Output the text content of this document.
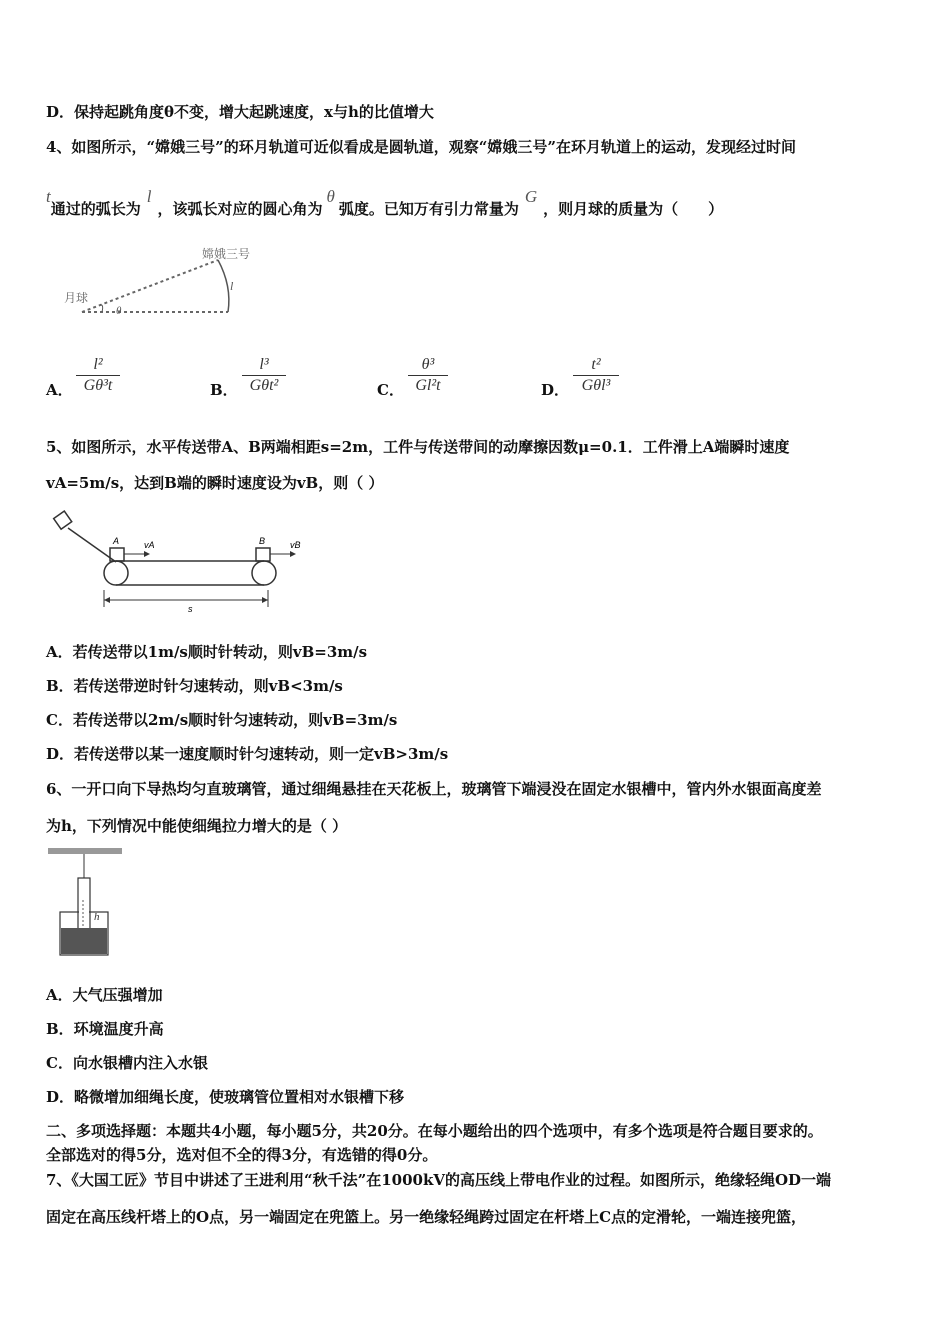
D．保持起跳角度θ不变，增大起跳速度，x与h的比值增大
4、如图所示，“嫦娥三号”的环月轨道可近似看成是圆轨道，观察“嫦娥三号”在环月轨道上的运动，发现经过时间
t通过的弧长为l，该弧长对应的圆心角为θ弧度。已知万有引力常量为G，则月球的质量为（　　）
嫦娥三号
月球
l
θ
A． $\frac{\text{l²}}{\text{Gθ³t}}$	B．
l³
Gθt²	C． $\frac{\text{θ³}}{\text{Gl²t}}$	D．
t²
Gθl³
5、如图所示，水平传送带A、B两端相距s=2m，工件与传送带间的动摩擦因数μ=0.1．工件滑上A端瞬时速度
vA=5m/s，达到B端的瞬时速度设为vB，则（ ）
A	B
vA	vB
s
A．若传送带以1m/s顺时针转动，则vB=3m/s
B．若传送带逆时针匀速转动，则vB<3m/s
C．若传送带以2m/s顺时针匀速转动，则vB=3m/s
D．若传送带以某一速度顺时针匀速转动，则一定vB>3m/s
6、一开口向下导热均匀直玻璃管，通过细绳悬挂在天花板上，玻璃管下端浸没在固定水银槽中，管内外水银面高度差
为h，下列情况中能使细绳拉力增大的是（ ）
h
A．大气压强增加
B．环境温度升高
C．向水银槽内注入水银
D．略微增加细绳长度，使玻璃管位置相对水银槽下移
二、多项选择题：本题共4小题，每小题5分，共20分。在每小题给出的四个选项中，有多个选项是符合题目要求的。
全部选对的得5分，选对但不全的得3分，有选错的得0分。
7、《大国工匠》节目中讲述了王进利用“秋千法”在1000kV的高压线上带电作业的过程。如图所示，绝缘轻绳OD一端
固定在高压线杆塔上的O点，另一端固定在兜篮上。另一绝缘轻绳跨过固定在杆塔上C点的定滑轮，一端连接兜篮，
